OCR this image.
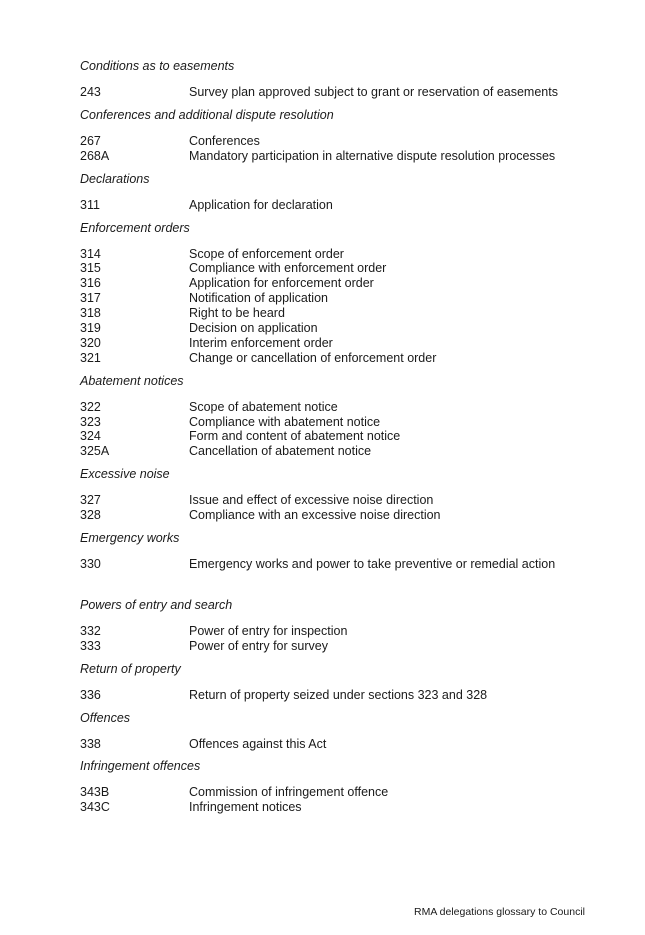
Conditions as to easements
243	Survey plan approved subject to grant or reservation of easements
Conferences and additional dispute resolution
267	Conferences
268A	Mandatory participation in alternative dispute resolution processes
Declarations
311	Application for declaration
Enforcement orders
314	Scope of enforcement order
315	Compliance with enforcement order
316	Application for enforcement order
317	Notification of application
318	Right to be heard
319	Decision on application
320	Interim enforcement order
321	Change or cancellation of enforcement order
Abatement notices
322	Scope of abatement notice
323	Compliance with abatement notice
324	Form and content of abatement notice
325A	Cancellation of abatement notice
Excessive noise
327	Issue and effect of excessive noise direction
328	Compliance with an excessive noise direction
Emergency works
330	Emergency works and power to take preventive or remedial action
Powers of entry and search
332	Power of entry for inspection
333	Power of entry for survey
Return of property
336	Return of property seized under sections 323 and 328
Offences
338	Offences against this Act
Infringement offences
343B	Commission of infringement offence
343C	Infringement notices
RMA delegations glossary to Council
